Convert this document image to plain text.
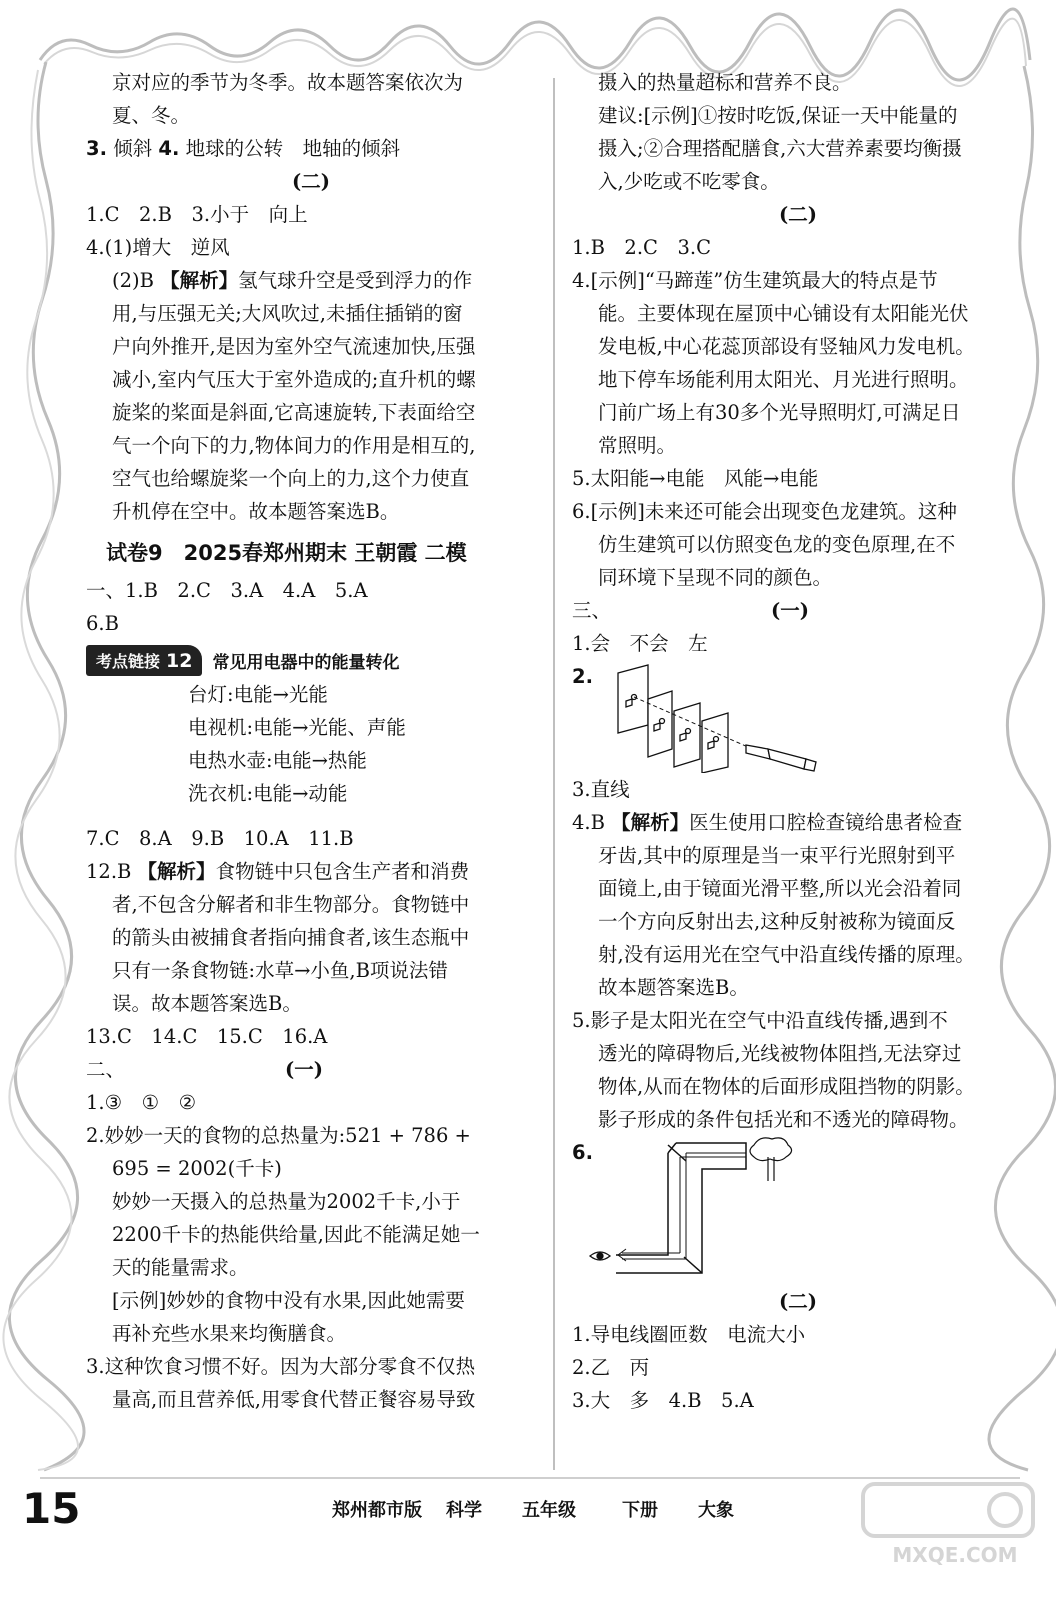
京对应的季节为冬季。故本题答案依次为

夏、冬。

3. 倾斜 4. 地球的公转　地轴的倾斜

(二)

1.C　2.B　3.小于　向上

4.(1)增大　逆风

(2)B 【解析】氢气球升空是受到浮力的作

用,与压强无关;大风吹过,未插住插销的窗

户向外推开,是因为室外空气流速加快,压强

减小,室内气压大于室外造成的;直升机的螺

旋桨的桨面是斜面,它高速旋转,下表面给空

气一个向下的力,物体间力的作用是相互的,

空气也给螺旋桨一个向上的力,这个力使直

升机停在空中。故本题答案选B。

试卷9　2025春郑州期末 王朝霞 二模

一、1.B　2.C　3.A　4.A　5.A

6.B

考点链接 12	常见用电器中的能量转化

台灯:电能→光能

电视机:电能→光能、声能

电热水壶:电能→热能

洗衣机:电能→动能

7.C　8.A　9.B　10.A　11.B

12.B 【解析】食物链中只包含生产者和消费

者,不包含分解者和非生物部分。食物链中

的箭头由被捕食者指向捕食者,该生态瓶中

只有一条食物链:水草→小鱼,B项说法错

误。故本题答案选B。

13.C　14.C　15.C　16.A

二、	(一)

1.③　①　②

2.妙妙一天的食物的总热量为:521 + 786 +

695 = 2002(千卡)

妙妙一天摄入的总热量为2002千卡,小于

2200千卡的热能供给量,因此不能满足她一

天的能量需求。

[示例]妙妙的食物中没有水果,因此她需要

再补充些水果来均衡膳食。

3.这种饮食习惯不好。因为大部分零食不仅热

量高,而且营养低,用零食代替正餐容易导致

摄入的热量超标和营养不良。

建议:[示例]①按时吃饭,保证一天中能量的

摄入;②合理搭配膳食,六大营养素要均衡摄

入,少吃或不吃零食。

(二)

1.B　2.C　3.C

4.[示例]“马蹄莲”仿生建筑最大的特点是节

能。主要体现在屋顶中心铺设有太阳能光伏

发电板,中心花蕊顶部设有竖轴风力发电机。

地下停车场能利用太阳光、月光进行照明。

门前广场上有30多个光导照明灯,可满足日

常照明。

5.太阳能→电能　风能→电能

6.[示例]未来还可能会出现变色龙建筑。这种

仿生建筑可以仿照变色龙的变色原理,在不

同环境下呈现不同的颜色。

三、	(一)

1.会　不会　左

2.

3.直线

4.B 【解析】医生使用口腔检查镜给患者检查

牙齿,其中的原理是当一束平行光照射到平

面镜上,由于镜面光滑平整,所以光会沿着同

一个方向反射出去,这种反射被称为镜面反

射,没有运用光在空气中沿直线传播的原理。

故本题答案选B。

5.影子是太阳光在空气中沿直线传播,遇到不

透光的障碍物后,光线被物体阻挡,无法穿过

物体,从而在物体的后面形成阻挡物的阴影。

影子形成的条件包括光和不透光的障碍物。

6.

(二)

1.导电线圈匝数　电流大小

2.乙　丙

3.大　多　4.B　5.A

15	郑州都市版 科学 五年级	下册 大象
MXQE.COM
